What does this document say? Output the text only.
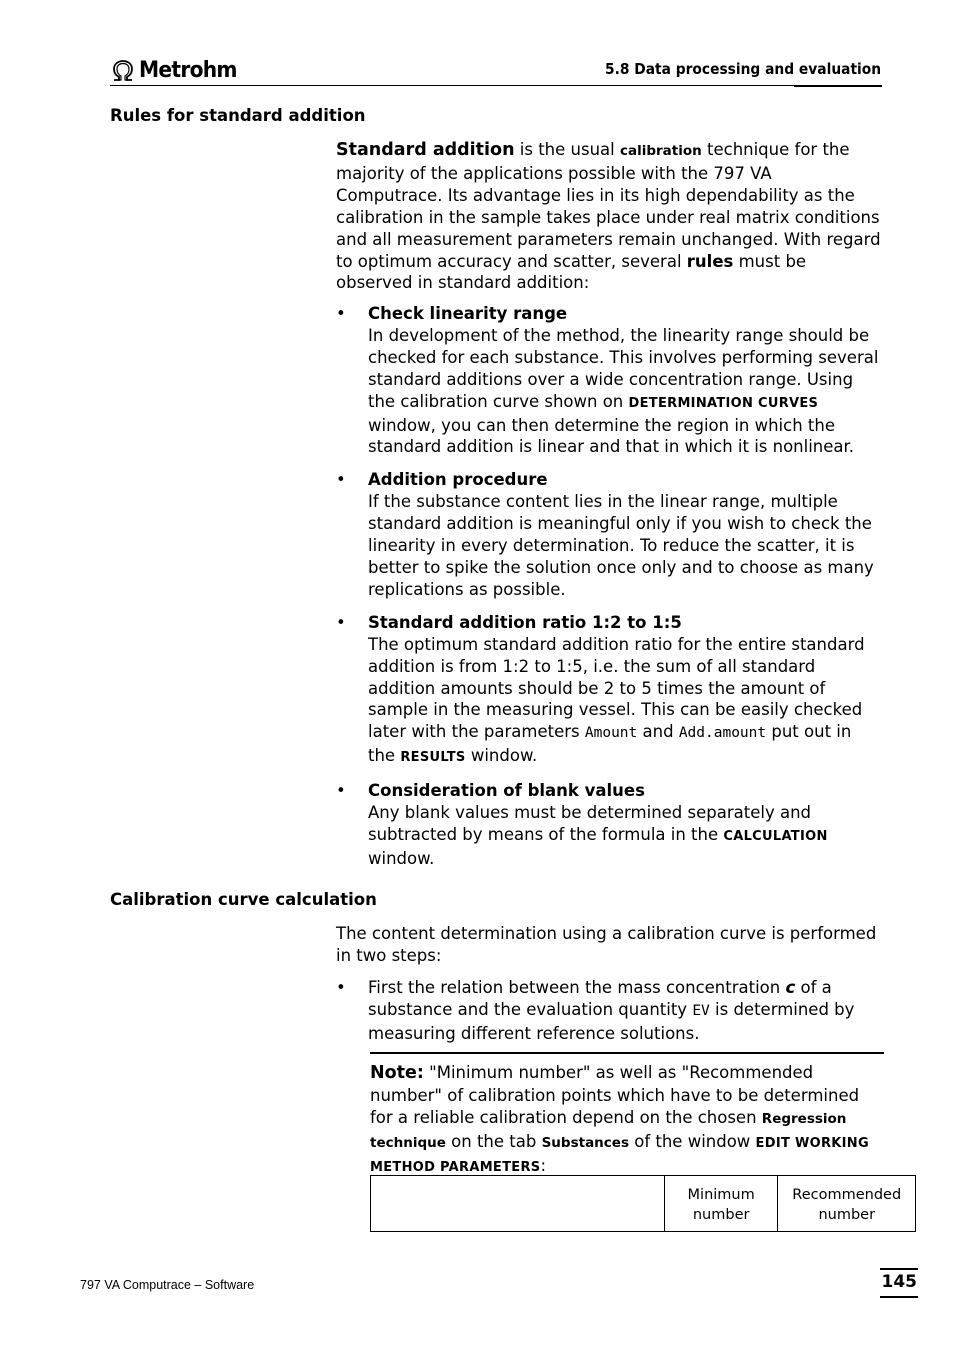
Metrohm	5.8 Data processing and evaluation
Rules for standard addition

Standard addition is the usual calibration technique for the majority of the applications possible with the 797 VA Computrace. Its advantage lies in its high dependability as the calibration in the sample takes place under real matrix conditions and all measurement parameters remain unchanged. With regard to optimum accuracy and scatter, several rules must be observed in standard addition:

• Check linearity range
In development of the method, the linearity range should be checked for each substance. This involves performing several standard additions over a wide concentration range. Using the calibration curve shown on DETERMINATION CURVES window, you can then determine the region in which the standard addition is linear and that in which it is nonlinear.
• Addition procedure
If the substance content lies in the linear range, multiple standard addition is meaningful only if you wish to check the linearity in every determination. To reduce the scatter, it is better to spike the solution once only and to choose as many replications as possible.
• Standard addition ratio 1:2 to 1:5
The optimum standard addition ratio for the entire standard addition is from 1:2 to 1:5, i.e. the sum of all standard addition amounts should be 2 to 5 times the amount of sample in the measuring vessel. This can be easily checked later with the parameters Amount and Add.amount put out in the RESULTS window.
• Consideration of blank values
Any blank values must be determined separately and subtracted by means of the formula in the CALCULATION window.
Calibration curve calculation
The content determination using a calibration curve is performed in two steps:
• First the relation between the mass concentration c of a substance and the evaluation quantity EV is determined by measuring different reference solutions.
Note: "Minimum number" as well as "Recommended number" of calibration points which have to be determined for a reliable calibration depend on the chosen Regression technique on the tab Substances of the window EDIT WORKING METHOD PARAMETERS:
Minimum number
Recommended number
797 VA Computrace – Software	145
